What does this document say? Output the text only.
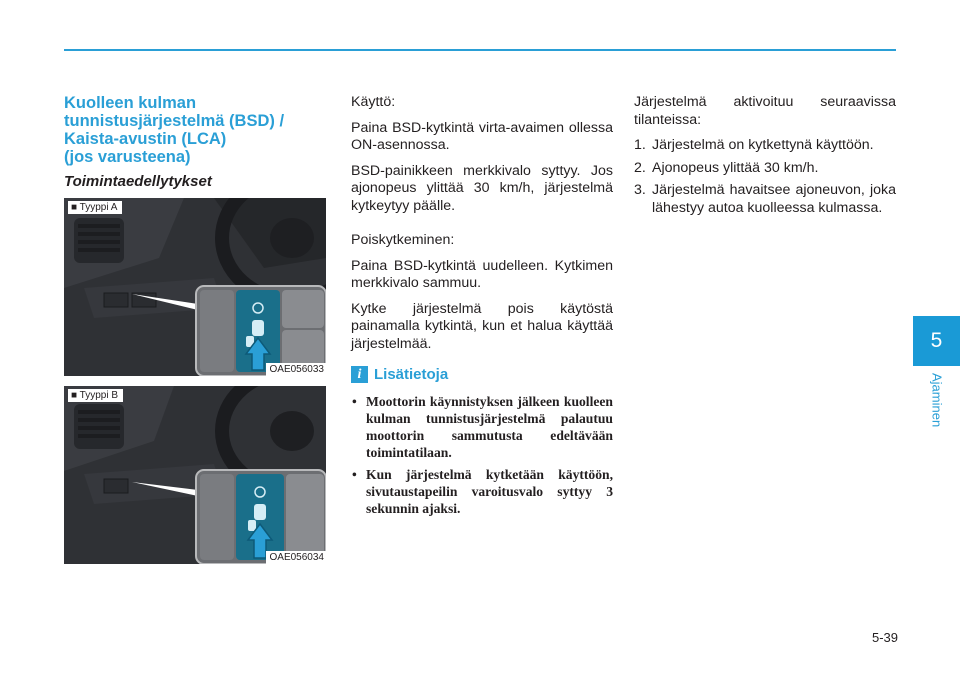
5
Ajaminen
Kuolleen kulman
tunnistusjärjestelmä (BSD) /
Kaista-avustin (LCA)
(jos varusteena)
Toimintaedellytykset
■ Tyyppi A
OAE056033
■ Tyyppi B
OAE056034

Käyttö:

Paina BSD-kytkintä virta-avaimen ollessa ON-asennossa.

BSD-painikkeen merkkivalo syttyy. Jos ajonopeus ylittää 30 km/h, järjestelmä kytkeytyy päälle.

Poiskytkeminen:

Paina BSD-kytkintä uudelleen. Kytkimen merkkivalo sammuu.

Kytke järjestelmä pois käytöstä painamalla kytkintä, kun et halua käyttää järjestelmää.

i Lisätietoja
• Moottorin käynnistyksen jälkeen kuolleen kulman tunnistusjärjestelmä palautuu moottorin sammutusta edeltävään toimintatilaan.
• Kun järjestelmä kytketään käyttöön, sivutaustapeilin varoitusvalo syttyy 3 sekunnin ajaksi.

Järjestelmä aktivoituu seuraavissa tilanteissa:

1. Järjestelmä on kytkettynä käyttöön.
2. Ajonopeus ylittää 30 km/h.
3. Järjestelmä havaitsee ajoneuvon, joka lähestyy autoa kuolleessa kulmassa.
5-39
